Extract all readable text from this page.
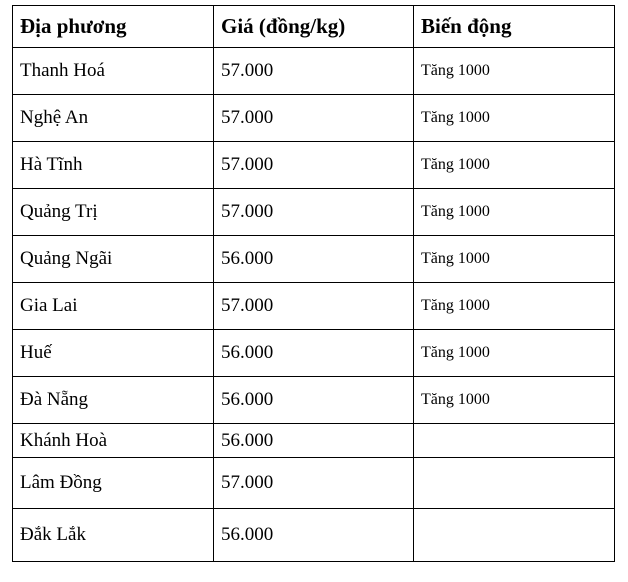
Địa phương	Giá (đồng/kg)	Biến động
Thanh Hoá	57.000	Tăng 1000
Nghệ An	57.000	Tăng 1000
Hà Tĩnh	57.000	Tăng 1000
Quảng Trị	57.000	Tăng 1000
Quảng Ngãi	56.000	Tăng 1000
Gia Lai	57.000	Tăng 1000
Huế	56.000	Tăng 1000
Đà Nẵng	56.000	Tăng 1000
Khánh Hoà	56.000	
Lâm Đồng	57.000	
Đắk Lắk	56.000	
